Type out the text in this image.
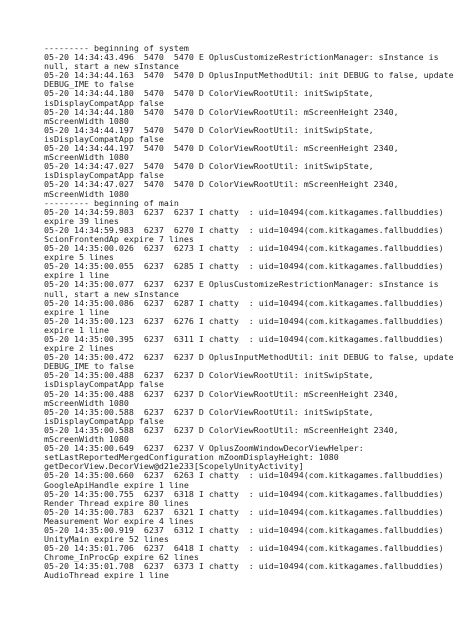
--------- beginning of system
05-20 14:34:43.496  5470  5470 E OplusCustomizeRestrictionManager: sInstance is
null, start a new sInstance
05-20 14:34:44.163  5470  5470 D OplusInputMethodUtil: init DEBUG to false, update
DEBUG_IME to false
05-20 14:34:44.180  5470  5470 D ColorViewRootUtil: initSwipState,
isDisplayCompatApp false
05-20 14:34:44.180  5470  5470 D ColorViewRootUtil: mScreenHeight 2340,
mScreenWidth 1080
05-20 14:34:44.197  5470  5470 D ColorViewRootUtil: initSwipState,
isDisplayCompatApp false
05-20 14:34:44.197  5470  5470 D ColorViewRootUtil: mScreenHeight 2340,
mScreenWidth 1080
05-20 14:34:47.027  5470  5470 D ColorViewRootUtil: initSwipState,
isDisplayCompatApp false
05-20 14:34:47.027  5470  5470 D ColorViewRootUtil: mScreenHeight 2340,
mScreenWidth 1080
--------- beginning of main
05-20 14:34:59.803  6237  6237 I chatty  : uid=10494(com.kitkagames.fallbuddies)
expire 39 lines
05-20 14:34:59.983  6237  6270 I chatty  : uid=10494(com.kitkagames.fallbuddies)
ScionFrontendAp expire 7 lines
05-20 14:35:00.026  6237  6273 I chatty  : uid=10494(com.kitkagames.fallbuddies)
expire 5 lines
05-20 14:35:00.055  6237  6285 I chatty  : uid=10494(com.kitkagames.fallbuddies)
expire 1 line
05-20 14:35:00.077  6237  6237 E OplusCustomizeRestrictionManager: sInstance is
null, start a new sInstance
05-20 14:35:00.086  6237  6287 I chatty  : uid=10494(com.kitkagames.fallbuddies)
expire 1 line
05-20 14:35:00.123  6237  6276 I chatty  : uid=10494(com.kitkagames.fallbuddies)
expire 1 line
05-20 14:35:00.395  6237  6311 I chatty  : uid=10494(com.kitkagames.fallbuddies)
expire 2 lines
05-20 14:35:00.472  6237  6237 D OplusInputMethodUtil: init DEBUG to false, update
DEBUG_IME to false
05-20 14:35:00.488  6237  6237 D ColorViewRootUtil: initSwipState,
isDisplayCompatApp false
05-20 14:35:00.488  6237  6237 D ColorViewRootUtil: mScreenHeight 2340,
mScreenWidth 1080
05-20 14:35:00.588  6237  6237 D ColorViewRootUtil: initSwipState,
isDisplayCompatApp false
05-20 14:35:00.588  6237  6237 D ColorViewRootUtil: mScreenHeight 2340,
mScreenWidth 1080
05-20 14:35:00.649  6237  6237 V OplusZoomWindowDecorViewHelper:
setLastReportedMergedConfiguration mZoomDisplayHeight: 1080
getDecorView.DecorView@d21e233[ScopelyUnityActivity]
05-20 14:35:00.660  6237  6263 I chatty  : uid=10494(com.kitkagames.fallbuddies)
GoogleApiHandle expire 1 line
05-20 14:35:00.755  6237  6318 I chatty  : uid=10494(com.kitkagames.fallbuddies)
Render Thread expire 80 lines
05-20 14:35:00.783  6237  6321 I chatty  : uid=10494(com.kitkagames.fallbuddies)
Measurement Wor expire 4 lines
05-20 14:35:00.919  6237  6312 I chatty  : uid=10494(com.kitkagames.fallbuddies)
UnityMain expire 52 lines
05-20 14:35:01.706  6237  6418 I chatty  : uid=10494(com.kitkagames.fallbuddies)
Chrome_InProcGp expire 62 lines
05-20 14:35:01.708  6237  6373 I chatty  : uid=10494(com.kitkagames.fallbuddies)
AudioThread expire 1 line
